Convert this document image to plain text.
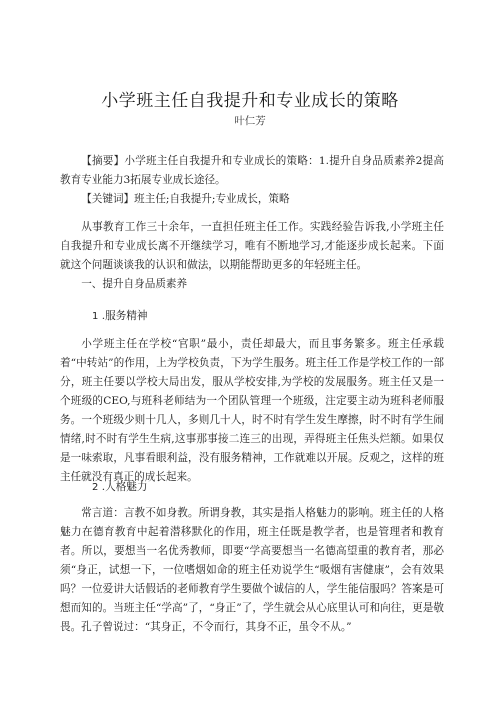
小学班主任自我提升和专业成长的策略
叶仁芳

【摘要】小学班主任自我提升和专业成长的策略：1.提升自身品质素养2提高教育专业能力3拓展专业成长途径。

【关键词】班主任;自我提升;专业成长，策略

从事教育工作三十余年，一直担任班主任工作。实践经验告诉我,小学班主任自我提升和专业成长离不开继续学习，唯有不断地学习,才能逐步成长起来。下面就这个问题谈谈我的认识和做法，以期能帮助更多的年轻班主任。

一、提升自身品质素养

1 .服务精神

小学班主任在学校“官职”最小，责任却最大，而且事务繁多。班主任承载着“中转站”的作用，上为学校负责，下为学生服务。班主任工作是学校工作的一部分，班主任要以学校大局出发，服从学校安排,为学校的发展服务。班主任又是一个班级的CEO,与班科老师结为一个团队管理一个班级，注定要主动为班科老师服务。一个班级少则十几人，多则几十人，时不时有学生发生摩擦，时不时有学生闹情绪,时不时有学生生病,这事那事接二连三的出现，弄得班主任焦头烂额。如果仅是一味索取，凡事看眼利益，没有服务精神，工作就难以开展。反观之，这样的班主任就没有真正的成长起来。

2 .人格魅力

常言道：言教不如身教。所谓身教，其实是指人格魅力的影响。班主任的人格魅力在德育教育中起着潜移默化的作用，班主任既是教学者，也是管理者和教育者。所以，要想当一名优秀教师，即要“学高要想当一名德高望重的教育者，那必须“身正，试想一下，一位嗜烟如命的班主任劝说学生“吸烟有害健康”，会有效果吗？一位爱讲大话假话的老师教育学生要做个诚信的人，学生能信服吗？答案是可想而知的。当班主任“学高”了，“身正”了，学生就会从心底里认可和向往，更是敬畏。孔子曾说过：“其身正，不令而行，其身不正，虽令不从。”
